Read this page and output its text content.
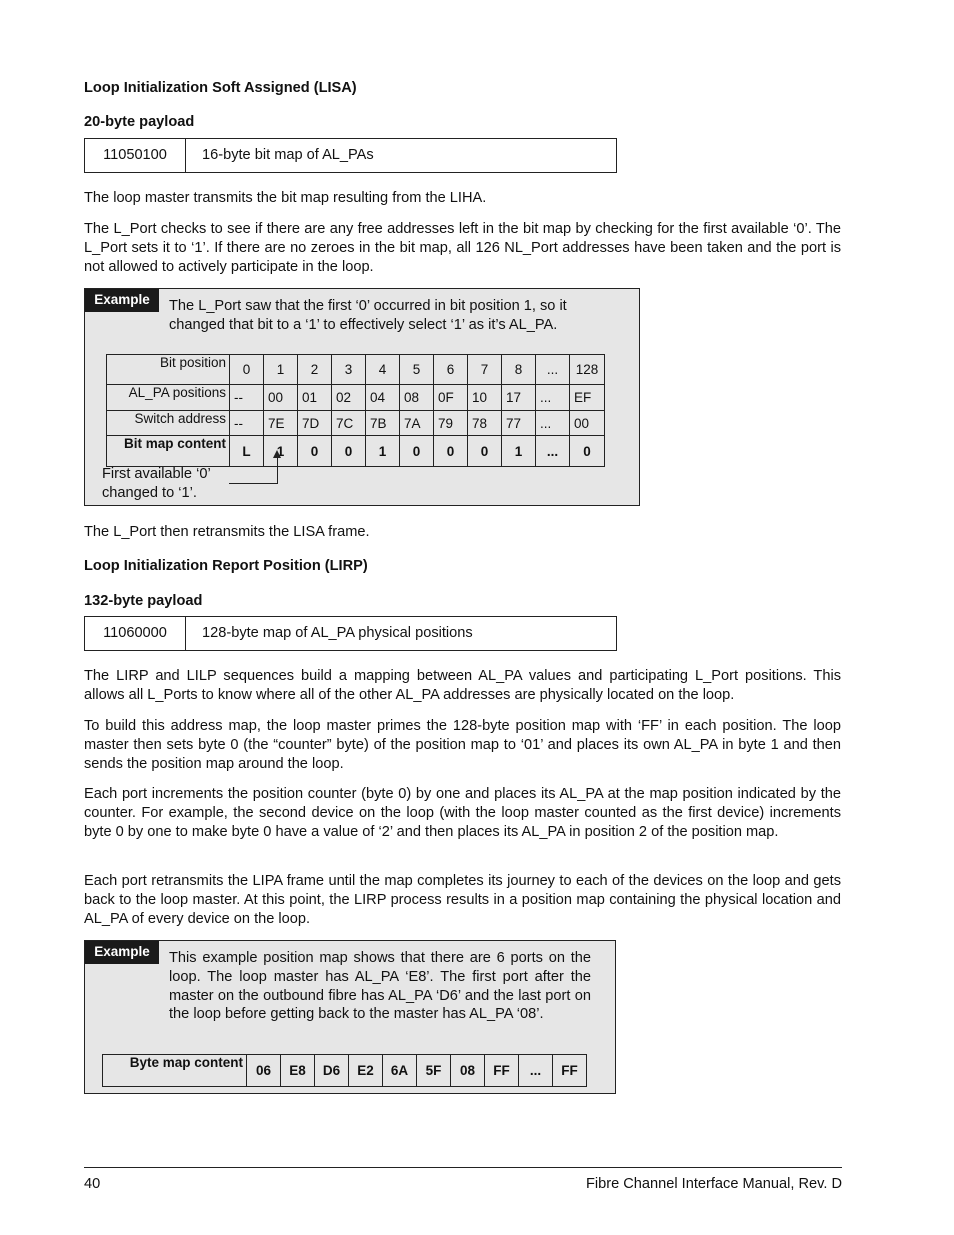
Loop Initialization Soft Assigned (LISA)
20-byte payload
11050100	16-byte bit map of AL_PAs
The loop master transmits the bit map resulting from the LIHA.
The L_Port checks to see if there are any free addresses left in the bit map by checking for the first available ‘0’. The L_Port sets it to ‘1’. If there are no zeroes in the bit map, all 126 NL_Port addresses have been taken and the port is not allowed to actively participate in the loop.
Example	The L_Port saw that the first ‘0’ occurred in bit position 1, so it changed that bit to a ‘1’ to effectively select ‘1’ as it’s AL_PA.
Bit position	0	1	2	3	4	5	6	7	8	...	128
AL_PA positions	--	00	01	02	04	08	0F	10	17	...	EF
Switch address	--	7E	7D	7C	7B	7A	79	78	77	...	00
Bit map content	L	1	0	0	1	0	0	0	1	...	0
First available ‘0’
changed to ‘1’.
The L_Port then retransmits the LISA frame.
Loop Initialization Report Position (LIRP)
132-byte payload
11060000	128-byte map of AL_PA physical positions
The LIRP and LILP sequences build a mapping between AL_PA values and participating L_Port positions. This allows all L_Ports to know where all of the other AL_PA addresses are physically located on the loop.
To build this address map, the loop master primes the 128-byte position map with ‘FF’ in each position. The loop master then sets byte 0 (the “counter” byte) of the position map to ‘01’ and places its own AL_PA in byte 1 and then sends the position map around the loop.
Each port increments the position counter (byte 0) by one and places its AL_PA at the map position indicated by the counter. For example, the second device on the loop (with the loop master counted as the first device) increments byte 0 by one to make byte 0 have a value of ‘2’ and then places its AL_PA in position 2 of the position map.
Each port retransmits the LIPA frame until the map completes its journey to each of the devices on the loop and gets back to the loop master. At this point, the LIRP process results in a position map containing the physical location and AL_PA of every device on the loop.
Example	This example position map shows that there are 6 ports on the loop. The loop master has AL_PA ‘E8’. The first port after the master on the outbound fibre has AL_PA ‘D6’ and the last port on the loop before getting back to the master has AL_PA ‘08’.
Byte map content	06	E8	D6	E2	6A	5F	08	FF	...	FF
40	Fibre Channel Interface Manual, Rev. D
